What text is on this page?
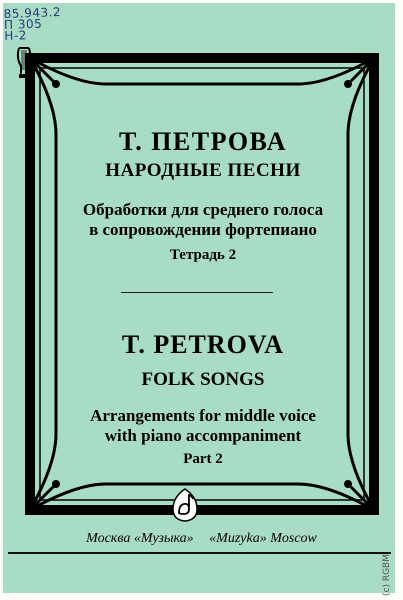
85.943.2
П 305
Н-2
Т. ПЕТРОВА
НАРОДНЫЕ ПЕСНИ
Обработки для среднего голоса
в сопровождении фортепиано
Тетрадь 2
T. PETROVA
FOLK SONGS
Arrangements for middle voice
with piano accompaniment
Part 2
Москва «Музыка» «Muzyka» Moscow
(c) RGBM
